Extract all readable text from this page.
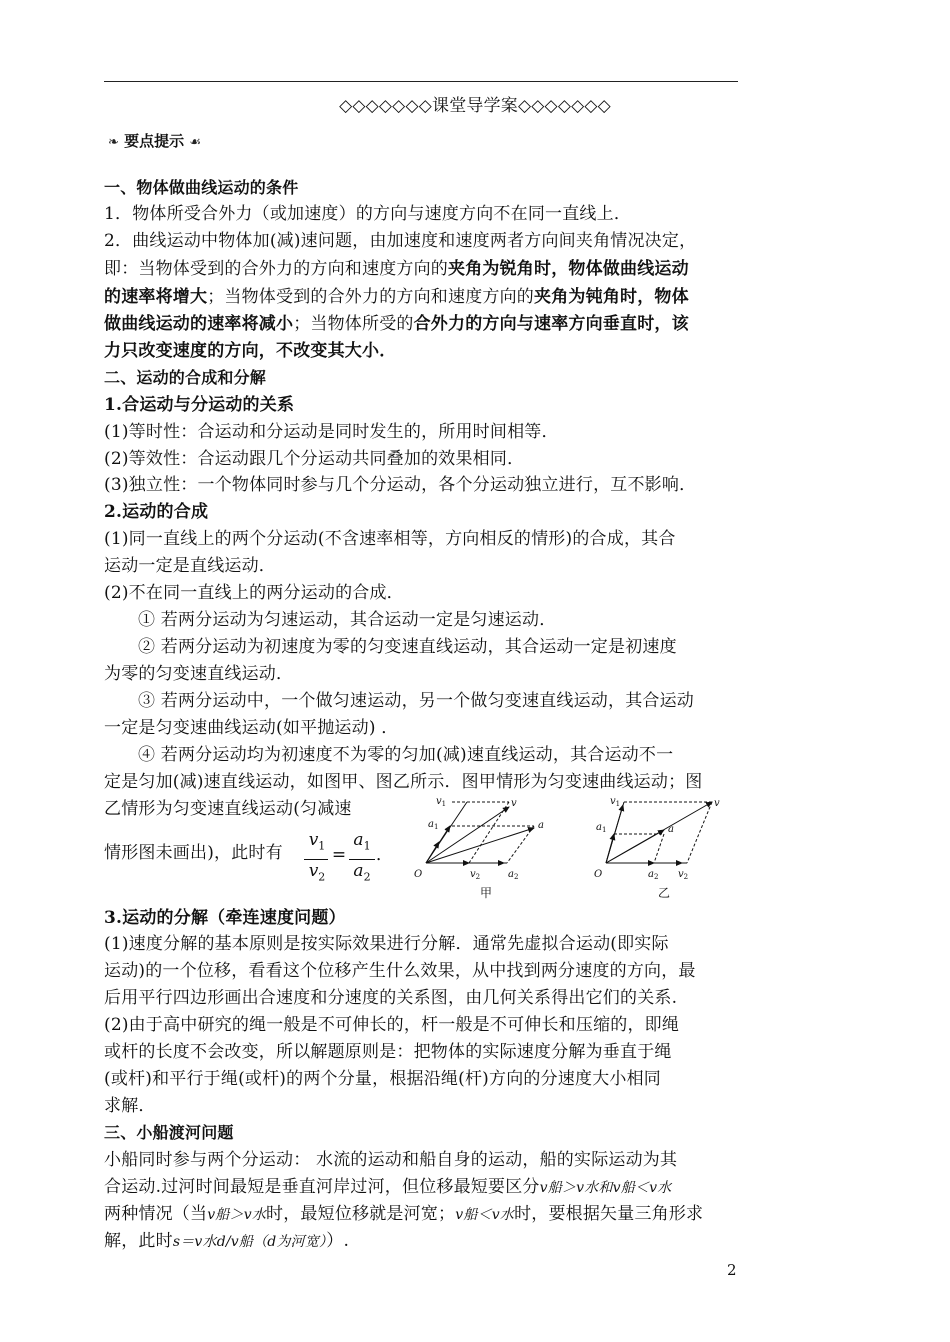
◇◇◇◇◇◇◇课堂导学案◇◇◇◇◇◇◇
❧ 要点提示 ☙
一、物体做曲线运动的条件
1．物体所受合外力（或加速度）的方向与速度方向不在同一直线上．
2．曲线运动中物体加(减)速问题，由加速度和速度两者方向间夹角情况决定，
即：当物体受到的合外力的方向和速度方向的夹角为锐角时，物体做曲线运动
的速率将增大；当物体受到的合外力的方向和速度方向的夹角为钝角时，物体
做曲线运动的速率将减小；当物体所受的合外力的方向与速率方向垂直时，该
力只改变速度的方向，不改变其大小．
二、运动的合成和分解
1.合运动与分运动的关系
(1)等时性：合运动和分运动是同时发生的，所用时间相等．
(2)等效性：合运动跟几个分运动共同叠加的效果相同．
(3)独立性：一个物体同时参与几个分运动，各个分运动独立进行，互不影响．
2.运动的合成
(1)同一直线上的两个分运动(不含速率相等，方向相反的情形)的合成，其合
运动一定是直线运动．
(2)不在同一直线上的两分运动的合成．
① 若两分运动为匀速运动，其合运动一定是匀速运动．
② 若两分运动为初速度为零的匀变速直线运动，其合运动一定是初速度
为零的匀变速直线运动．
③ 若两分运动中，一个做匀速运动，另一个做匀变速直线运动，其合运动
一定是匀变速曲线运动(如平抛运动) ．
④ 若两分运动均为初速度不为零的匀加(减)速直线运动，其合运动不一
定是匀加(减)速直线运动，如图甲、图乙所示．图甲情形为匀变速曲线运动；图
乙情形为匀变速直线运动(匀减速
情形图未画出)，此时有
$v_1$
$v_2$
=
$a_1$
$a_2$
．
O
$v_1$	v
$a_1$	a
$v_2$	$a_2$
甲
O
$v_1$	v
$a_1$	a
$a_2$ $v_2$
乙
3.运动的分解（牵连速度问题）
(1)速度分解的基本原则是按实际效果进行分解．通常先虚拟合运动(即实际
运动)的一个位移，看看这个位移产生什么效果，从中找到两分速度的方向，最
后用平行四边形画出合速度和分速度的关系图，由几何关系得出它们的关系.
(2)由于高中研究的绳一般是不可伸长的，杆一般是不可伸长和压缩的，即绳
或杆的长度不会改变，所以解题原则是：把物体的实际速度分解为垂直于绳
(或杆)和平行于绳(或杆)的两个分量，根据沿绳(杆)方向的分速度大小相同
求解．
三、小船渡河问题
小船同时参与两个分运动： 水流的运动和船自身的运动，船的实际运动为其
合运动.过河时间最短是垂直河岸过河，但位移最短要区分v船＞v水和v船＜v水
两种情况（当v船＞v水时，最短位移就是河宽；v船＜v水时，要根据矢量三角形求
解，此时s＝v水d/v船（d为河宽））.
2
